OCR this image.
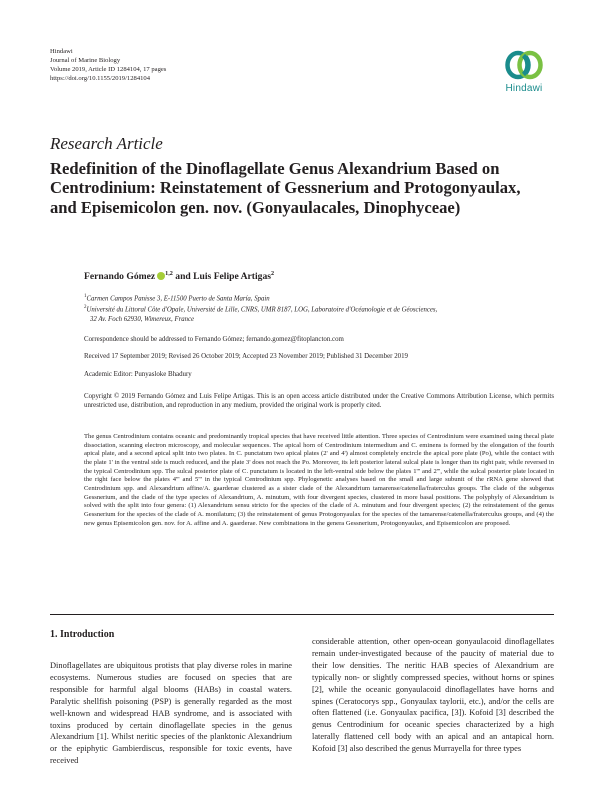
Hindawi
Journal of Marine Biology
Volume 2019, Article ID 1284104, 17 pages
https://doi.org/10.1155/2019/1284104
Hindawi
Research Article
Redefinition of the Dinoflagellate Genus Alexandrium Based on Centrodinium: Reinstatement of Gessnerium and Protogonyaulax, and Episemicolon gen. nov. (Gonyaulacales, Dinophyceae)
Fernando Gómez $^{1,2}$ and Luis Felipe Artigas$^2$
$^1$Carmen Campos Panisse 3, E-11500 Puerto de Santa María, Spain
$^2$Université du Littoral Côte d'Opale, Université de Lille, CNRS, UMR 8187, LOG, Laboratoire d'Océanologie et de Géosciences,
32 Av. Foch 62930, Wimereux, France
Correspondence should be addressed to Fernando Gómez; fernando.gomez@fitoplancton.com
Received 17 September 2019; Revised 26 October 2019; Accepted 23 November 2019; Published 31 December 2019
Academic Editor: Punyasloke Bhadury
Copyright © 2019 Fernando Gómez and Luis Felipe Artigas. This is an open access article distributed under the Creative Commons Attribution License, which permits unrestricted use, distribution, and reproduction in any medium, provided the original work is properly cited.

The genus Centrodinium contains oceanic and predominantly tropical species that have received little attention. Three species of Centrodinium were examined using thecal plate dissociation, scanning electron microscopy, and molecular sequences. The apical horn of Centrodinium intermedium and C. eminens is formed by the elongation of the fourth apical plate, and a second apical split into two plates. In C. punctatum two apical plates (2' and 4') almost completely encircle the apical pore plate (Po), while the contact with the plate 1' in the ventral side is much reduced, and the plate 3' does not reach the Po. Moreover, its left posterior lateral sulcal plate is longer than its right pair, while reversed in the typical Centrodinium spp. The sulcal posterior plate of C. punctatum is located in the left-ventral side below the plates 1''' and 2''', while the sulcal posterior plate located in the right face below the plates 4''' and 5''' in the typical Centrodinium spp. Phylogenetic analyses based on the small and large subunit of the rRNA gene showed that Centrodinium spp. and Alexandrium affine/A. gaarderae clustered as a sister clade of the Alexandrium tamarense/catenella/fraterculus groups. The clade of the subgenus Gessnerium, and the clade of the type species of Alexandrium, A. minutum, with four divergent species, clustered in more basal positions. The polyphyly of Alexandrium is solved with the split into four genera: (1) Alexandrium sensu stricto for the species of the clade of A. minutum and four divergent species; (2) the reinstatement of the genus Gessnerium for the species of the clade of A. monilatum; (3) the reinstatement of genus Protogonyaulax for the species of the tamarense/catenella/fraterculus groups, and (4) the new genus Episemicolon gen. nov. for A. affine and A. gaarderae. New combinations in the genera Gessnerium, Protogonyaulax, and Episemicolon are proposed.

1. Introduction

Dinoflagellates are ubiquitous protists that play diverse roles in marine ecosystems. Numerous studies are focused on species that are responsible for harmful algal blooms (HABs) in coastal waters. Paralytic shellfish poisoning (PSP) is generally regarded as the most well-known and widespread HAB syndrome, and is associated with toxins produced by certain dinoflagellate species in the genus Alexandrium [1]. Whilst neritic species of the planktonic Alexandrium or the epiphytic Gambierdiscus, responsible for toxic events, have received

considerable attention, other open-ocean gonyaulacoid dinoflagellates remain under-investigated because of the paucity of material due to their low densities. The neritic HAB species of Alexandrium are typically non- or slightly compressed species, without horns or spines [2], while the oceanic gonyaulacoid dinoflagellates have horns and spines (Ceratocorys spp., Gonyaulax taylorii, etc.), and/or the cells are often flattened (i.e. Gonyaulax pacifica, [3]). Kofoid [3] described the genus Centrodinium for oceanic species characterized by a high laterally flattened cell body with an apical and an antapical horn. Kofoid [3] also described the genus Murrayella for three types
